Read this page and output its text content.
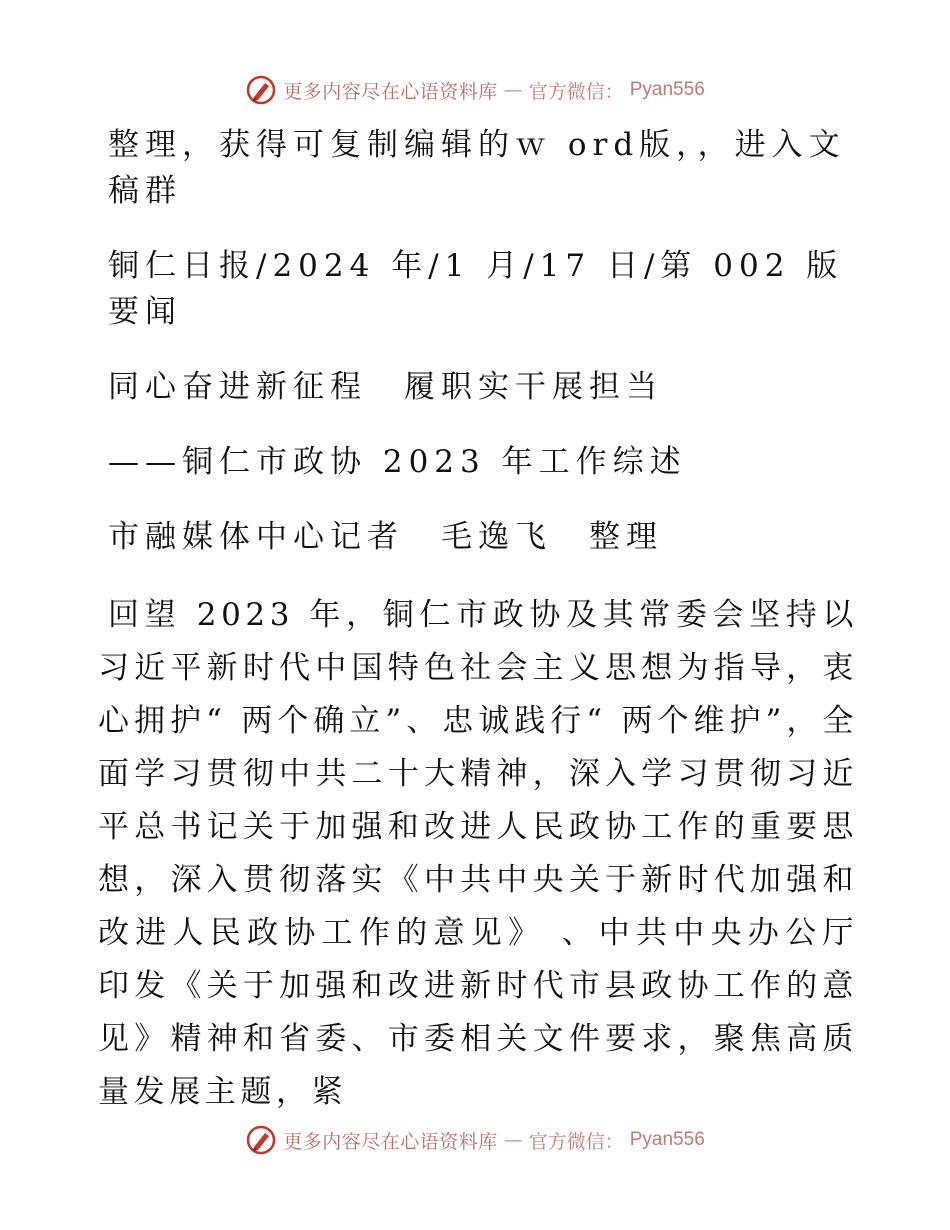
更多内容尽在心语资料库 — 官方微信： Pyan556

整理，获得可复制编辑的ｗ ord版，，进入文稿群

铜仁日报/2024 年/1 月/17 日/第 002 版要闻

同心奋进新征程　履职实干展担当

——铜仁市政协 2023 年工作综述

市融媒体中心记者　毛逸飞　整理

回望 2023 年，铜仁市政协及其常委会坚持以习近平新时代中国特色社会主义思想为指导，衷心拥护“ 两个确立”、忠诚践行“ 两个维护”，全面学习贯彻中共二十大精神，深入学习贯彻习近平总书记关于加强和改进人民政协工作的重要思想，深入贯彻落实《中共中央关于新时代加强和改进人民政协工作的意见》 、中共中央办公厅印发《关于加强和改进新时代市县政协工作的意见》精神和省委、市委相关文件要求，聚焦高质量发展主题，紧

更多内容尽在心语资料库 — 官方微信： Pyan556
